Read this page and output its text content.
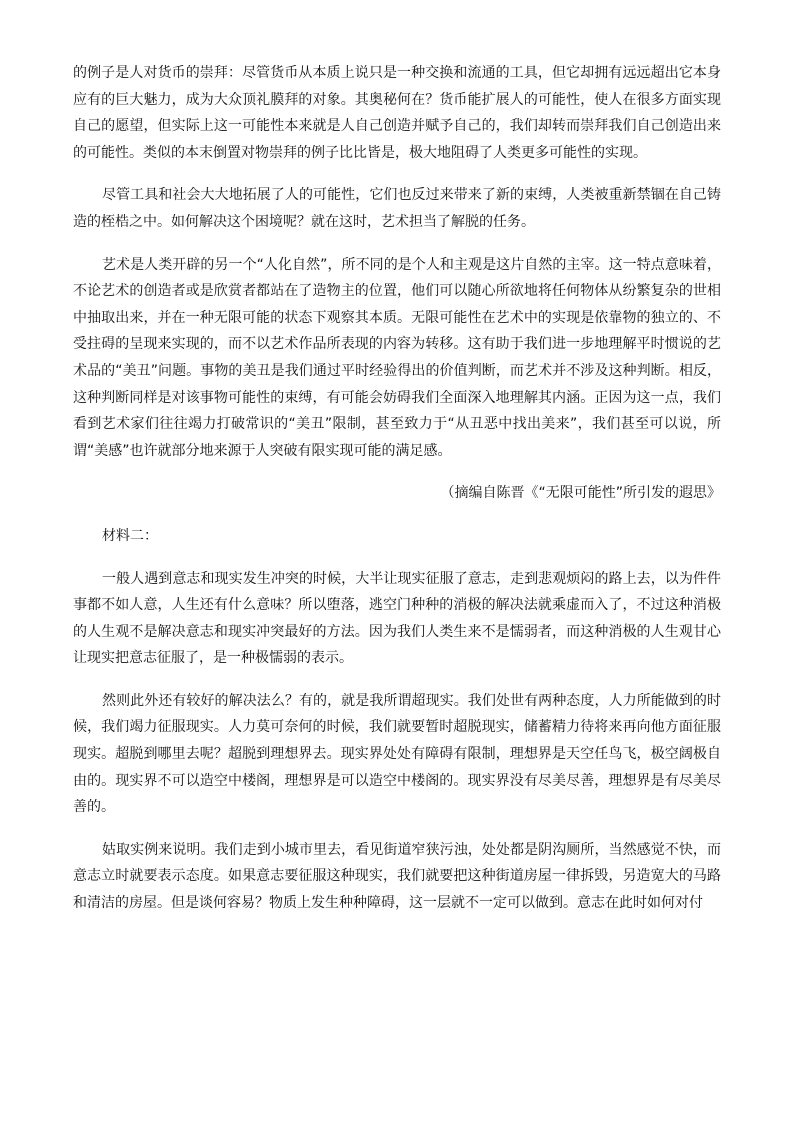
的例子是人对货币的崇拜：尽管货币从本质上说只是一种交换和流通的工具，但它却拥有远远超出它本身应有的巨大魅力，成为大众顶礼膜拜的对象。其奥秘何在？货币能扩展人的可能性，使人在很多方面实现自己的愿望，但实际上这一可能性本来就是人自己创造并赋予自己的，我们却转而崇拜我们自己创造出来的可能性。类似的本末倒置对物崇拜的例子比比皆是，极大地阻碍了人类更多可能性的实现。

尽管工具和社会大大地拓展了人的可能性，它们也反过来带来了新的束缚，人类被重新禁锢在自己铸造的桎梏之中。如何解决这个困境呢？就在这时，艺术担当了解脱的任务。

艺术是人类开辟的另一个“人化自然”，所不同的是个人和主观是这片自然的主宰。这一特点意味着，不论艺术的创造者或是欣赏者都站在了造物主的位置，他们可以随心所欲地将任何物体从纷繁复杂的世相中抽取出来，并在一种无限可能的状态下观察其本质。无限可能性在艺术中的实现是依靠物的独立的、不受拄碍的呈现来实现的，而不以艺术作品所表现的内容为转移。这有助于我们进一步地理解平时惯说的艺术品的“美丑”问题。事物的美丑是我们通过平时经验得出的价值判断，而艺术并不涉及这种判断。相反，这种判断同样是对该事物可能性的束缚，有可能会妨碍我们全面深入地理解其内涵。正因为这一点，我们看到艺术家们往往竭力打破常识的“美丑”限制，甚至致力于“从丑恶中找出美来”，我们甚至可以说，所谓“美感”也许就部分地来源于人突破有限实现可能的满足感。

（摘编自陈晋《“无限可能性”所引发的遐思》

材料二：

一般人遇到意志和现实发生冲突的时候，大半让现实征服了意志，走到悲观烦闷的路上去，以为件件事都不如人意，人生还有什么意味？所以堕落，逃空门种种的消极的解决法就乘虚而入了，不过这种消极的人生观不是解决意志和现实冲突最好的方法。因为我们人类生来不是懦弱者，而这种消极的人生观甘心让现实把意志征服了，是一种极懦弱的表示。

然则此外还有较好的解决法么？有的，就是我所谓超现实。我们处世有两种态度，人力所能做到的时候，我们竭力征服现实。人力莫可奈何的时候，我们就要暂时超脱现实，储蓄精力待将来再向他方面征服现实。超脱到哪里去呢？超脱到理想界去。现实界处处有障碍有限制，理想界是天空任鸟飞，极空阔极自由的。现实界不可以造空中楼阁，理想界是可以造空中楼阁的。现实界没有尽美尽善，理想界是有尽美尽善的。

姑取实例来说明。我们走到小城市里去，看见街道窄狭污浊，处处都是阴沟厕所，当然感觉不快，而意志立时就要表示态度。如果意志要征服这种现实，我们就要把这种街道房屋一律拆毁，另造宽大的马路和清洁的房屋。但是谈何容易？物质上发生种种障碍，这一层就不一定可以做到。意志在此时如何对付
